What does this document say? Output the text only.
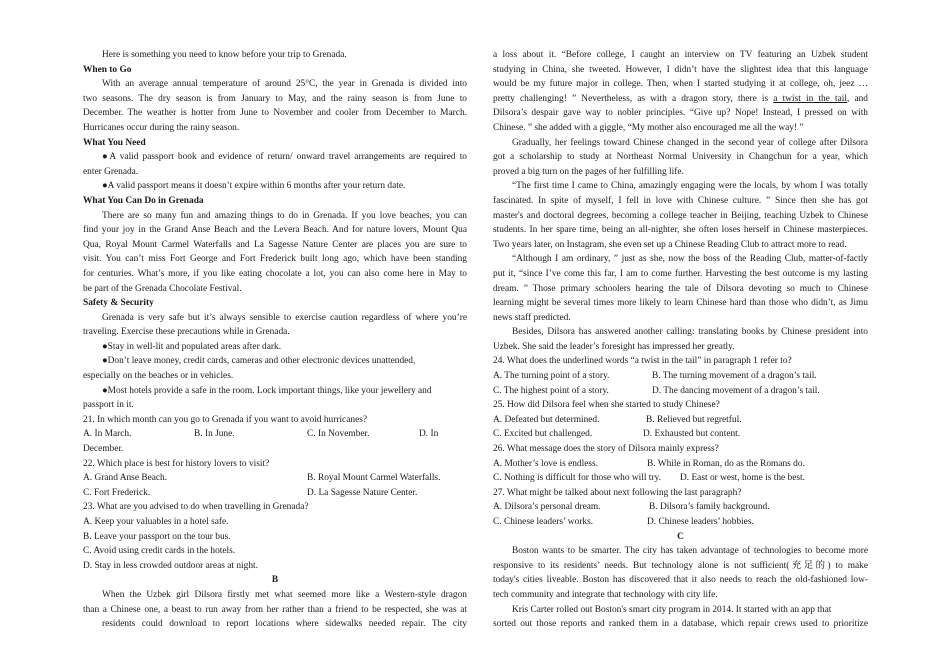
Here is something you need to know before your trip to Grenada.
When to Go
With an average annual temperature of around 25°C, the year in Grenada is divided into
two seasons. The dry season is from January to May, and the rainy season is from June to
December. The weather is hotter from June to November and cooler from December to March.
Hurricanes occur during the rainy season.
What You Need
●A valid passport book and evidence of return/ onward travel arrangements are required to
enter Grenada.
●A valid passport means it doesn’t expire within 6 months after your return date.
What You Can Do in Grenada
There are so many fun and amazing things to do in Grenada. If you love beaches, you can
find your joy in the Grand Anse Beach and the Levera Beach. And for nature lovers, Mount Qua
Qua, Royal Mount Carmel Waterfalls and La Sagesse Nature Center are places you are sure to
visit. You can’t miss Fort George and Fort Frederick built long ago, which have been standing
for centuries. What’s more, if you like eating chocolate a lot, you can also come here in May to
be part of the Grenada Chocolate Festival.
Safety & Security
Grenada is very safe but it’s always sensible to exercise caution regardless of where you’re
traveling. Exercise these precautions while in Grenada.
●Stay in well-lit and populated areas after dark.
●Don’t leave money, credit cards, cameras and other electronic devices unattended,
especially on the beaches or in vehicles.
●Most hotels provide a safe in the room. Lock important things, like your jewellery and
passport in it.
21. In which month can you go to Grenada if you want to avoid hurricanes?
A. In March.	B. In June.	C. In November.	D. In
December.
22. Which place is best for history lovers to visit?
A. Grand Anse Beach.	B. Royal Mount Carmel Waterfalls.
C. Fort Frederick.	D. La Sagesse Nature Center.
23. What are you advised to do when travelling in Grenada?
A. Keep your valuables in a hotel safe.
B. Leave your passport on the tour bus.
C. Avoid using credit cards in the hotels.
D. Stay in less crowded outdoor areas at night.
B
When the Uzbek girl Dilsora firstly met what seemed more like a Western-style dragon
than a Chinese one, a beast to run away from her rather than a friend to be respected, she was at
residents could download to report locations where sidewalks needed repair. The city
a loss about it. “Before college, I caught an interview on TV featuring an Uzbek student
studying in China, she tweeted. However, I didn’t have the slightest idea that this language
would be my future major in college. Then, when I started studying it at college, oh, jeez …
pretty challenging! ” Nevertheless, as with a dragon story, there is a twist in the tail, and
Dilsora’s despair gave way to nobler principles. “Give up? Nope! Instead, I pressed on with
Chinese. ” she added with a giggle, “My mother also encouraged me all the way! ”
Gradually, her feelings toward Chinese changed in the second year of college after Dilsora
got a scholarship to study at Northeast Normal University in Changchun for a year, which
proved a big turn on the pages of her fulfilling life.
“The first time I came to China, amazingly engaging were the locals, by whom I was totally
fascinated. In spite of myself, I fell in love with Chinese culture. ” Since then she has got
master's and doctoral degrees, becoming a college teacher in Beijing, teaching Uzbek to Chinese
students. In her spare time, being an all-nighter, she often loses herself in Chinese masterpieces.
Two years later, on Instagram, she even set up a Chinese Reading Club to attract more to read.
“Although I am ordinary, ” just as she, now the boss of the Reading Club, matter-of-factly
put it, “since I’ve come this far, I am to come further. Harvesting the best outcome is my lasting
dream. ” Those primary schoolers hearing the tale of Dilsora devoting so much to Chinese
learning might be several times more likely to learn Chinese hard than those who didn’t, as Jimu
news staff predicted.
Besides, Dilsora has answered another calling: translating books by Chinese president into
Uzbek. She said the leader’s foresight has impressed her greatly.
24. What does the underlined words “a twist in the tail” in paragraph 1 refer to?
A. The turning point of a story.	B. The turning movement of a dragon’s tail.
C. The highest point of a story.	D. The dancing movement of a dragon’s tail.
25. How did Dilsora feel when she started to study Chinese?
A. Defeated but determined.	B. Relieved but regretful.
C. Excited but challenged.	D. Exhausted but content.
26. What message does the story of Dilsora mainly express?
A. Mother’s love is endless.	B. While in Roman, do as the Romans do.
C. Nothing is difficult for those who will try.	D. East or west, home is the best.
27. What might be talked about next following the last paragraph?
A. Dilsora’s personal dream.	B. Dilsora’s family background.
C. Chinese leaders’ works.	D. Chinese leaders’ hobbies.
C
Boston wants to be smarter. The city has taken advantage of technologies to become more
responsive to its residents’ needs. But technology alone is not sufficient(充足的) to make
today's cities liveable. Boston has discovered that it also needs to reach the old-fashioned low-
tech community and integrate that technology with city life.
Kris Carter rolled out Boston's smart city program in 2014. It started with an app that
sorted out those reports and ranked them in a database, which repair crews used to prioritize
